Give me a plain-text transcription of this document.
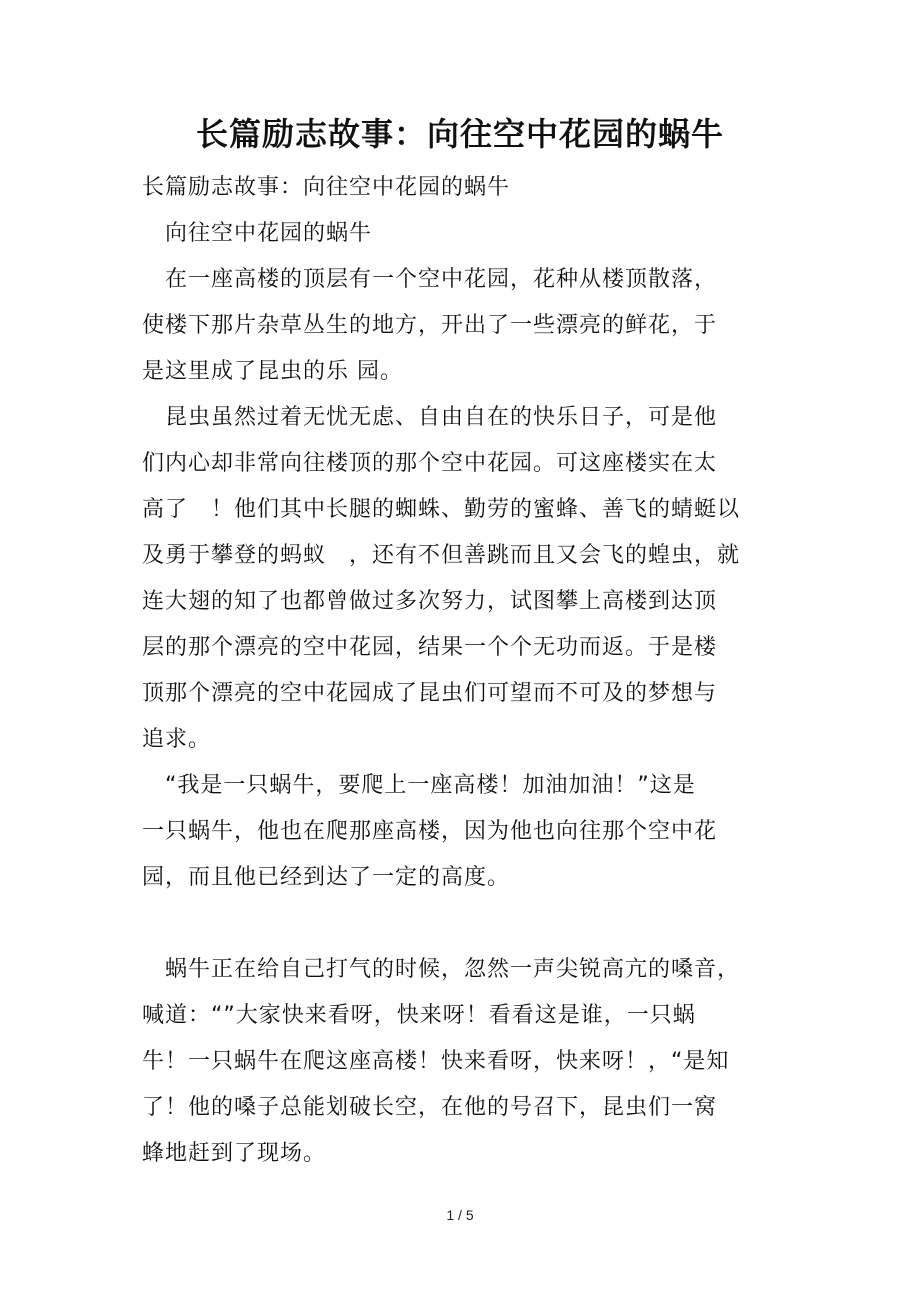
长篇励志故事：向往空中花园的蜗牛

长篇励志故事：向往空中花园的蜗牛

　向往空中花园的蜗牛

　在一座高楼的顶层有一个空中花园，花种从楼顶散落，
使楼下那片杂草丛生的地方，开出了一些漂亮的鲜花，于
是这里成了昆虫的乐 园。

　昆虫虽然过着无忧无虑、自由自在的快乐日子，可是他
们内心却非常向往楼顶的那个空中花园。可这座楼实在太
高了　！他们其中长腿的蜘蛛、勤劳的蜜蜂、善飞的蜻蜓以
及勇于攀登的蚂蚁　，还有不但善跳而且又会飞的蝗虫，就
连大翅的知了也都曾做过多次努力，试图攀上高楼到达顶
层的那个漂亮的空中花园，结果一个个无功而返。于是楼
顶那个漂亮的空中花园成了昆虫们可望而不可及的梦想与
追求。

　“我是一只蜗牛，要爬上一座高楼！加油加油！”这是
一只蜗牛，他也在爬那座高楼，因为他也向往那个空中花
园，而且他已经到达了一定的高度。

　蜗牛正在给自己打气的时候，忽然一声尖锐高亢的嗓音，
喊道：“”大家快来看呀，快来呀！看看这是谁，一只蜗
牛！一只蜗牛在爬这座高楼！快来看呀，快来呀！，“是知
了！他的嗓子总能划破长空，在他的号召下，昆虫们一窝
蜂地赶到了现场。

1 / 5
